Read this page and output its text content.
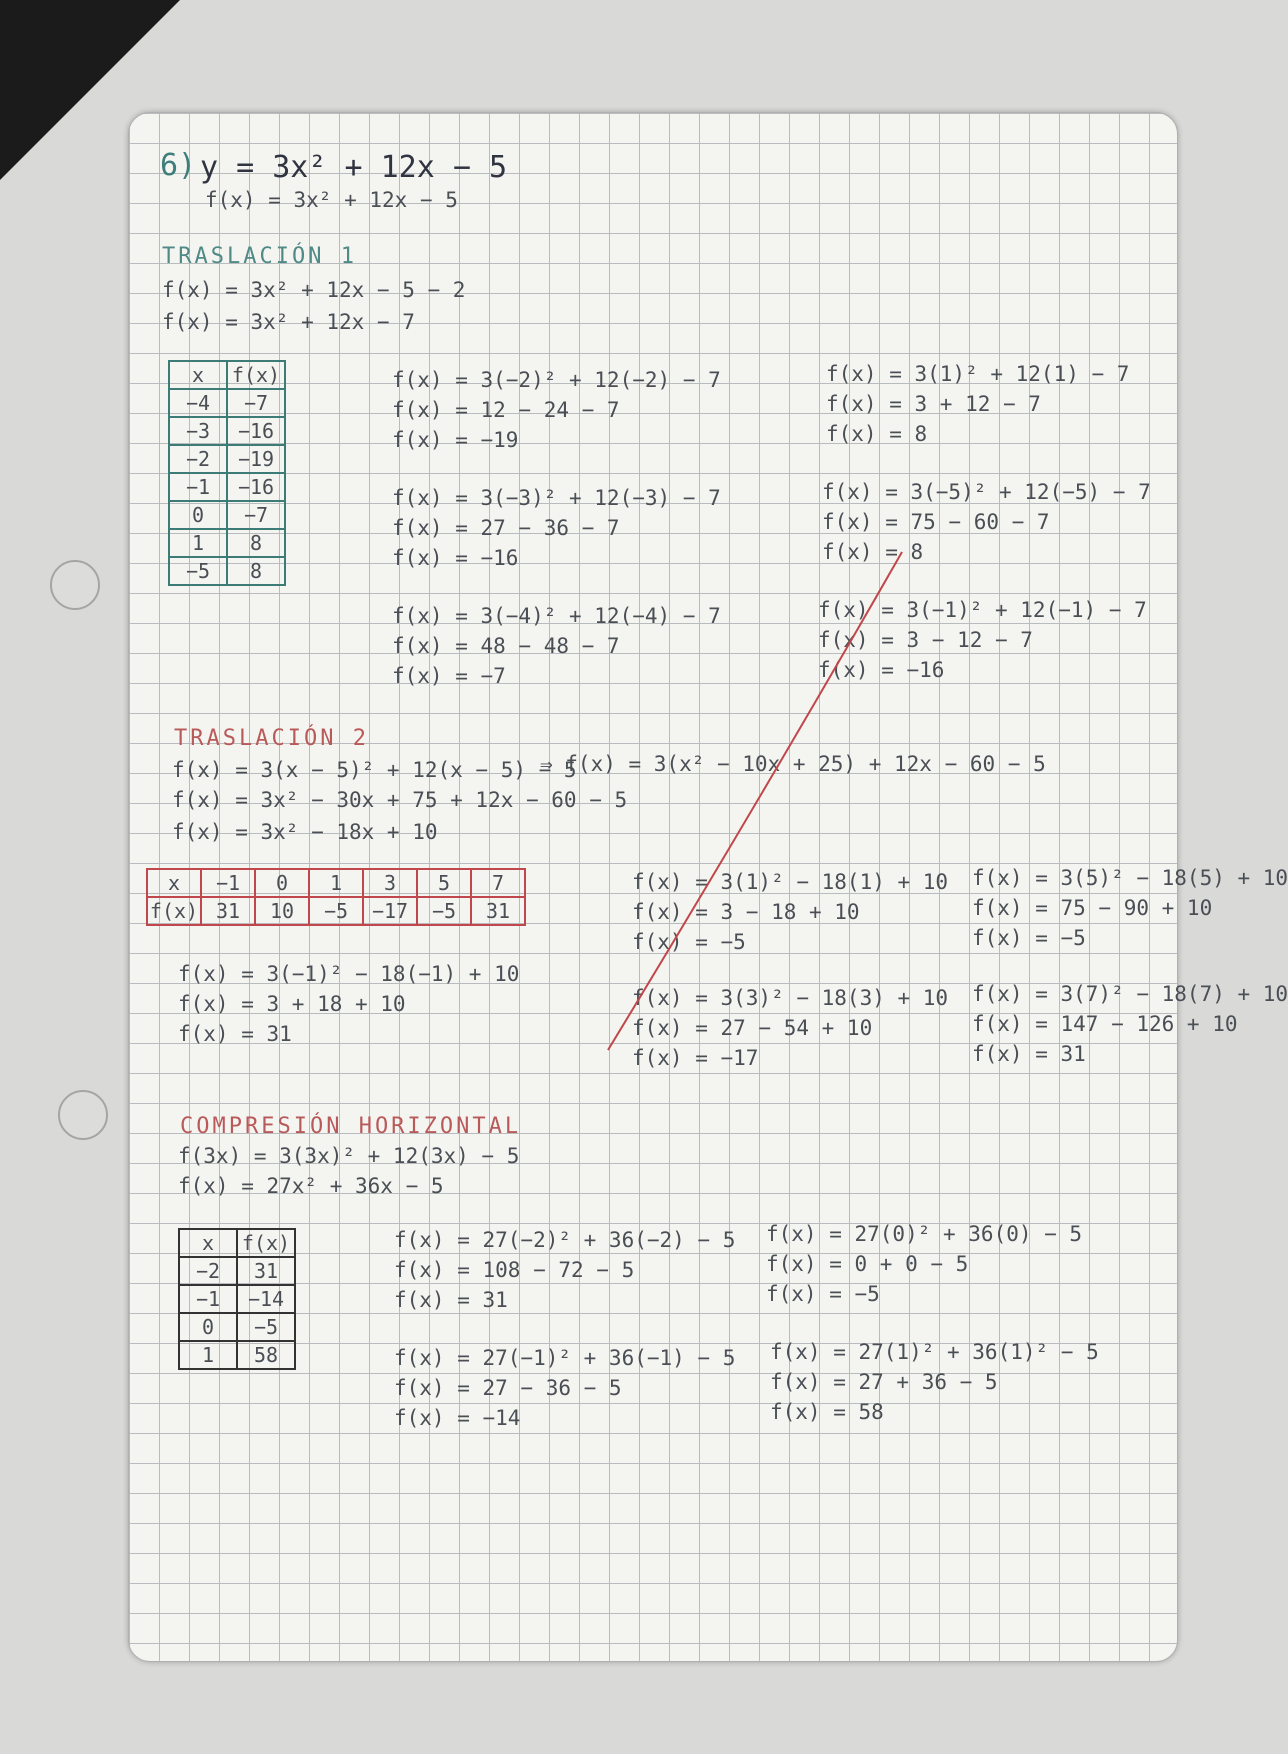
6) y = 3x² + 12x − 5
f(x) = 3x² + 12x − 5
TRASLACIÓN 1
f(x) = 3x² + 12x − 5 − 2
f(x) = 3x² + 12x − 7
x	f(x)
−4	−7
−3	−16
−2	−19
−1	−16
0	−7
1	8
−5	8
f(x) = 3(−2)² + 12(−2) − 7
f(x) = 12 − 24 − 7
f(x) = −19
f(x) = 3(−3)² + 12(−3) − 7
f(x) = 27 − 36 − 7
f(x) = −16
f(x) = 3(−4)² + 12(−4) − 7
f(x) = 48 − 48 − 7
f(x) = −7
f(x) = 3(1)² + 12(1) − 7
f(x) = 3 + 12 − 7
f(x) = 8
f(x) = 3(−5)² + 12(−5) − 7
f(x) = 75 − 60 − 7
f(x) = 8
f(x) = 3(−1)² + 12(−1) − 7
f(x) = 3 − 12 − 7
f(x) = −16
TRASLACIÓN 2
f(x) = 3(x − 5)² + 12(x − 5) − 5
⇒ f(x) = 3(x² − 10x + 25) + 12x − 60 − 5
f(x) = 3x² − 30x + 75 + 12x − 60 − 5
f(x) = 3x² − 18x + 10
x	−1	0	1	3	5	7
f(x)	31	10	−5	−17	−5	31
f(x) = 3(−1)² − 18(−1) + 10
f(x) = 3 + 18 + 10
f(x) = 31
f(x) = 3(1)² − 18(1) + 10
f(x) = 3 − 18 + 10
f(x) = −5
f(x) = 3(3)² − 18(3) + 10
f(x) = 27 − 54 + 10
f(x) = −17
f(x) = 3(5)² − 18(5) + 10
f(x) = 75 − 90 + 10
f(x) = −5
f(x) = 3(7)² − 18(7) + 10
f(x) = 147 − 126 + 10
f(x) = 31
COMPRESIÓN HORIZONTAL
f(3x) = 3(3x)² + 12(3x) − 5
f(x) = 27x² + 36x − 5
x	f(x)
−2	31
−1	−14
0	−5
1	58
f(x) = 27(−2)² + 36(−2) − 5
f(x) = 108 − 72 − 5
f(x) = 31
f(x) = 27(−1)² + 36(−1) − 5
f(x) = 27 − 36 − 5
f(x) = −14
f(x) = 27(0)² + 36(0) − 5
f(x) = 0 + 0 − 5
f(x) = −5
f(x) = 27(1)² + 36(1)² − 5
f(x) = 27 + 36 − 5
f(x) = 58
